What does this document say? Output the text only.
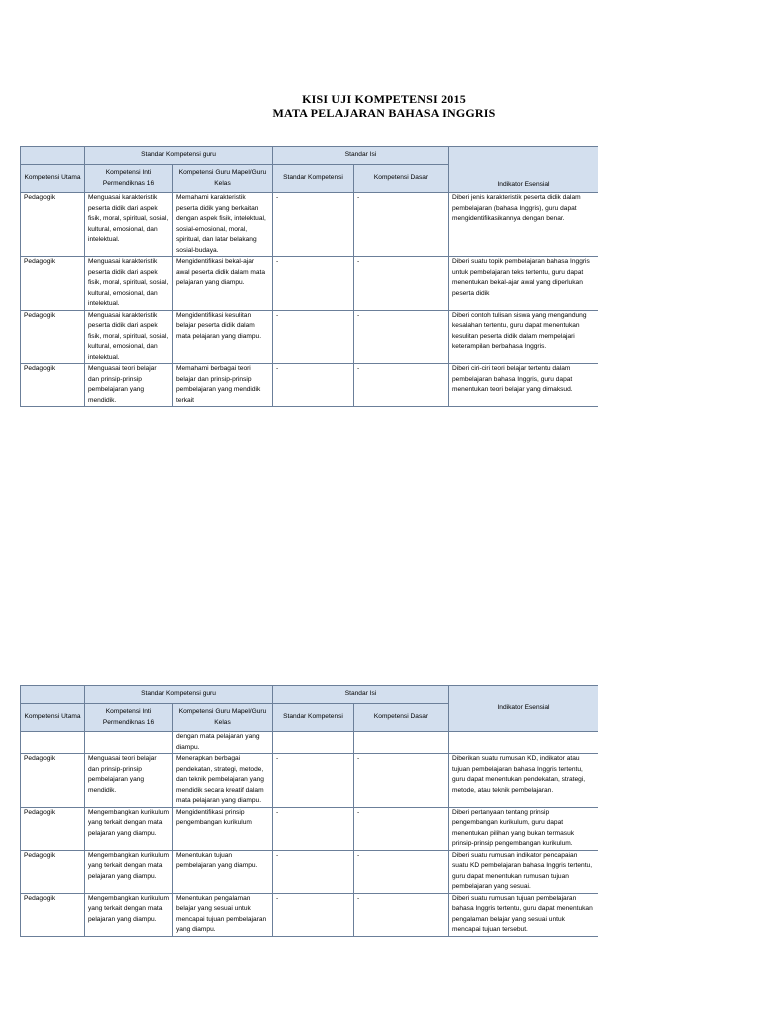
KISI UJI KOMPETENSI 2015
MATA PELAJARAN BAHASA INGGRIS
	Standar Kompetensi guru		Standar Isi		Indikator Esensial
Kompetensi Utama	Kompetensi Inti Permendiknas 16	Kompetensi Guru Mapel/Guru Kelas	Standar Kompetensi	Kompetensi Dasar	
Pedagogik	Menguasai karakteristik peserta didik dari aspek fisik, moral, spiritual, sosial, kultural, emosional, dan intelektual.	Memahami karakteristik peserta didik yang berkaitan dengan aspek fisik, intelektual, sosial-emosional, moral, spiritual, dan latar belakang sosial-budaya.	-	-	Diberi jenis karakteristik peserta didik dalam pembelajaran (bahasa Inggris), guru dapat mengidentifikasikannya dengan benar.
Pedagogik	Menguasai karakteristik peserta didik dari aspek fisik, moral, spiritual, sosial, kultural, emosional, dan intelektual.	Mengidentifikasi bekal-ajar awal peserta didik dalam mata pelajaran yang diampu.	-	-	Diberi suatu topik pembelajaran bahasa Inggris untuk pembelajaran teks tertentu, guru dapat menentukan bekal-ajar awal yang diperlukan peserta didik
Pedagogik	Menguasai karakteristik peserta didik dari aspek fisik, moral, spiritual, sosial, kultural, emosional, dan intelektual.	Mengidentifikasi kesulitan belajar peserta didik dalam mata pelajaran yang diampu.	-	-	Diberi contoh tulisan siswa yang mengandung kesalahan tertentu, guru dapat menentukan kesulitan peserta didik dalam mempelajari keterampilan berbahasa Inggris.
Pedagogik	Menguasai teori belajar dan prinsip-prinsip pembelajaran yang mendidik.	Memahami berbagai teori belajar dan prinsip-prinsip pembelajaran yang mendidik terkait	-	-	Diberi ciri-ciri teori belajar tertentu dalam pembelajaran bahasa Inggris, guru dapat menentukan teori belajar yang dimaksud.
	Standar Kompetensi guru		Standar Isi		Indikator Esensial
Kompetensi Utama	Kompetensi Inti Permendiknas 16	Kompetensi Guru Mapel/Guru Kelas	Standar Kompetensi	Kompetensi Dasar	
		dengan mata pelajaran yang diampu.			
Pedagogik	Menguasai teori belajar dan prinsip-prinsip pembelajaran yang mendidik.	Menerapkan berbagai pendekatan, strategi, metode, dan teknik pembelajaran yang mendidik secara kreatif dalam mata pelajaran yang diampu.	-	-	Diberikan suatu rumusan KD, indikator atau tujuan pembelajaran bahasa Inggris tertentu, guru dapat menentukan pendekatan, strategi, metode, atau teknik pembelajaran.
Pedagogik	Mengembangkan kurikulum yang terkait dengan mata pelajaran yang diampu.	Mengidentifikasi prinsip pengembangan kurikulum	-	-	Diberi pertanyaan tentang prinsip pengembangan kurikulum, guru dapat menentukan pilihan yang bukan termasuk prinsip-prinsip pengembangan kurikulum.
Pedagogik	Mengembangkan kurikulum yang terkait dengan mata pelajaran yang diampu.	Menentukan tujuan pembelajaran yang diampu.	-	-	Diberi suatu rumusan indikator pencapaian suatu KD pembelajaran bahasa Inggris tertentu, guru dapat menentukan rumusan tujuan pembelajaran yang sesuai.
Pedagogik	Mengembangkan kurikulum yang terkait dengan mata pelajaran yang diampu.	Menentukan pengalaman belajar yang sesuai untuk mencapai tujuan pembelajaran yang diampu.	-	-	Diberi suatu rumusan tujuan pembelajaran bahasa Inggris tertentu, guru dapat menentukan pengalaman belajar yang sesuai untuk mencapai tujuan tersebut.
